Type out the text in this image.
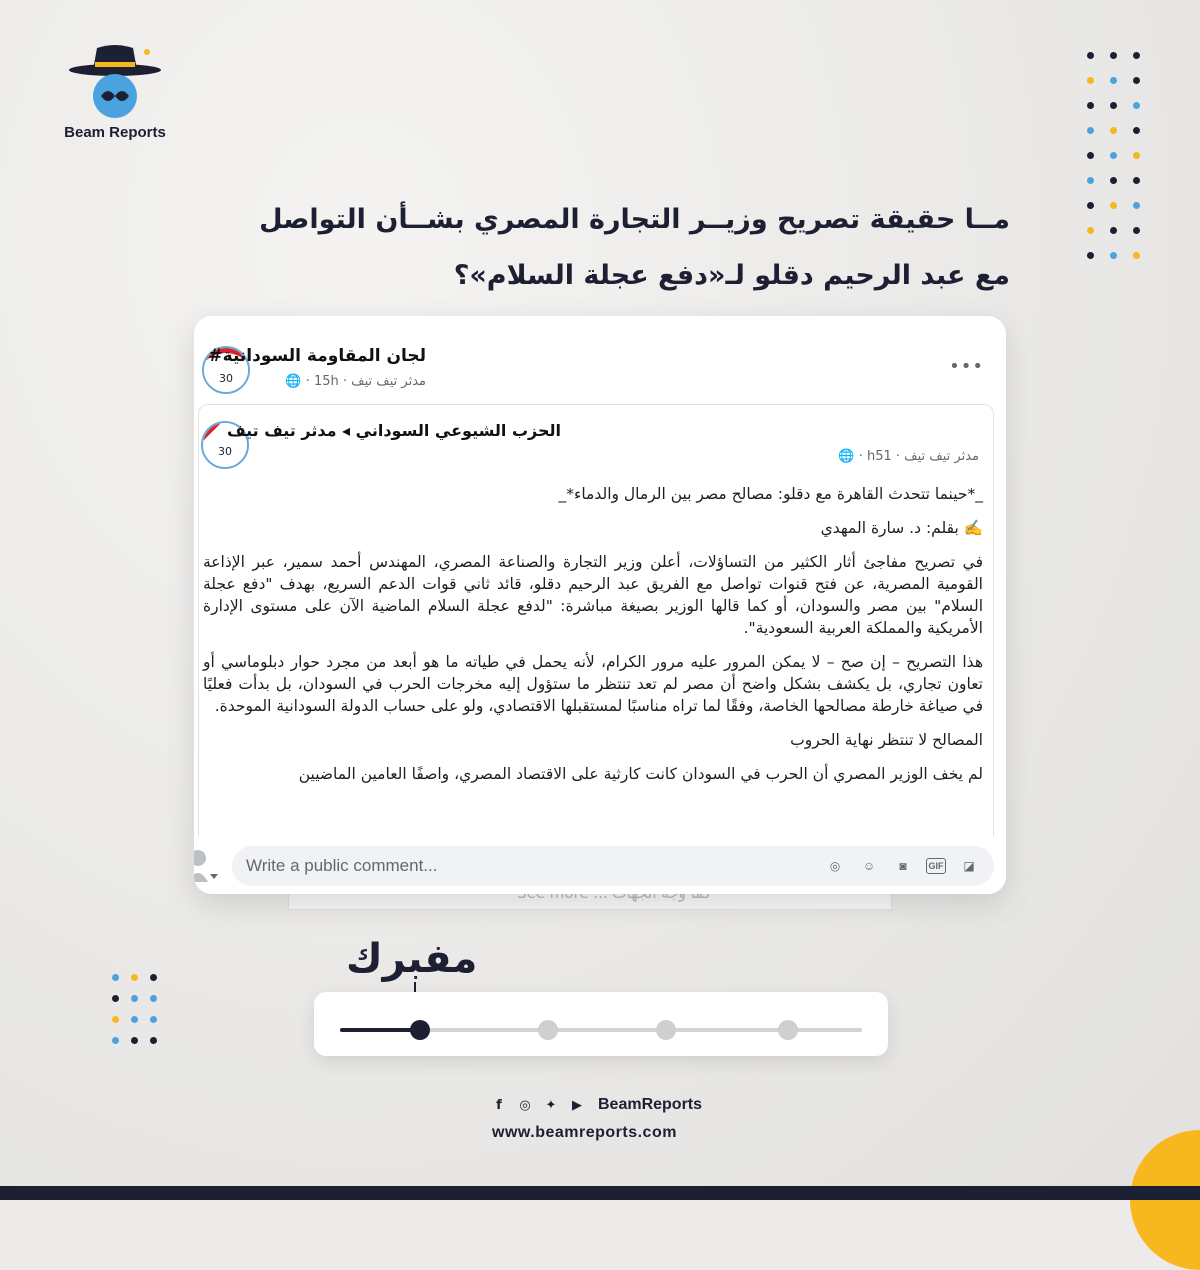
Beam Reports
مــا حقيقة تصريح وزيــر التجارة المصري بشــأن التواصل
مع عبد الرحيم دقلو لـ«دفع عجلة السلام»؟
30
لجان المقاومة السودانية#
مدثر تيف تيف · 15h · 🌐
•••
30
الحزب الشيوعي السوداني ◂ مدثر تيف تيف
مدثر تيف تيف · h51 · 🌐

_*حينما تتحدث القاهرة مع دقلو: مصالح مصر بين الرمال والدماء*_

✍️ بقلم: د. سارة المهدي

في تصريح مفاجئ أثار الكثير من التساؤلات، أعلن وزير التجارة والصناعة المصري، المهندس أحمد سمير، عبر الإذاعة القومية المصرية، عن فتح قنوات تواصل مع الفريق عبد الرحيم دقلو، قائد ثاني قوات الدعم السريع، بهدف "دفع عجلة السلام" بين مصر والسودان، أو كما قالها الوزير بصيغة مباشرة: "لدفع عجلة السلام الماضية الآن على مستوى الإدارة الأمريكية والمملكة العربية السعودية".

هذا التصريح – إن صح – لا يمكن المرور عليه مرور الكرام، لأنه يحمل في طياته ما هو أبعد من مجرد حوار دبلوماسي أو تعاون تجاري، بل يكشف بشكل واضح أن مصر لم تعد تنتظر ما ستؤول إليه مخرجات الحرب في السودان، بل بدأت فعليًا في صياغة خارطة مصالحها الخاصة، وفقًا لما تراه مناسبًا لمستقبلها الاقتصادي، ولو على حساب الدولة السودانية الموحدة.

المصالح لا تنتظر نهاية الحروب

لم يخف الوزير المصري أن الحرب في السودان كانت كارثية على الاقتصاد المصري، واصفًا العامين الماضيين

Write a public comment...	◎	☺	◙	GIF	◪
مفبرك
f	◎ ✦	▶ BeamReports
www.beamreports.com
